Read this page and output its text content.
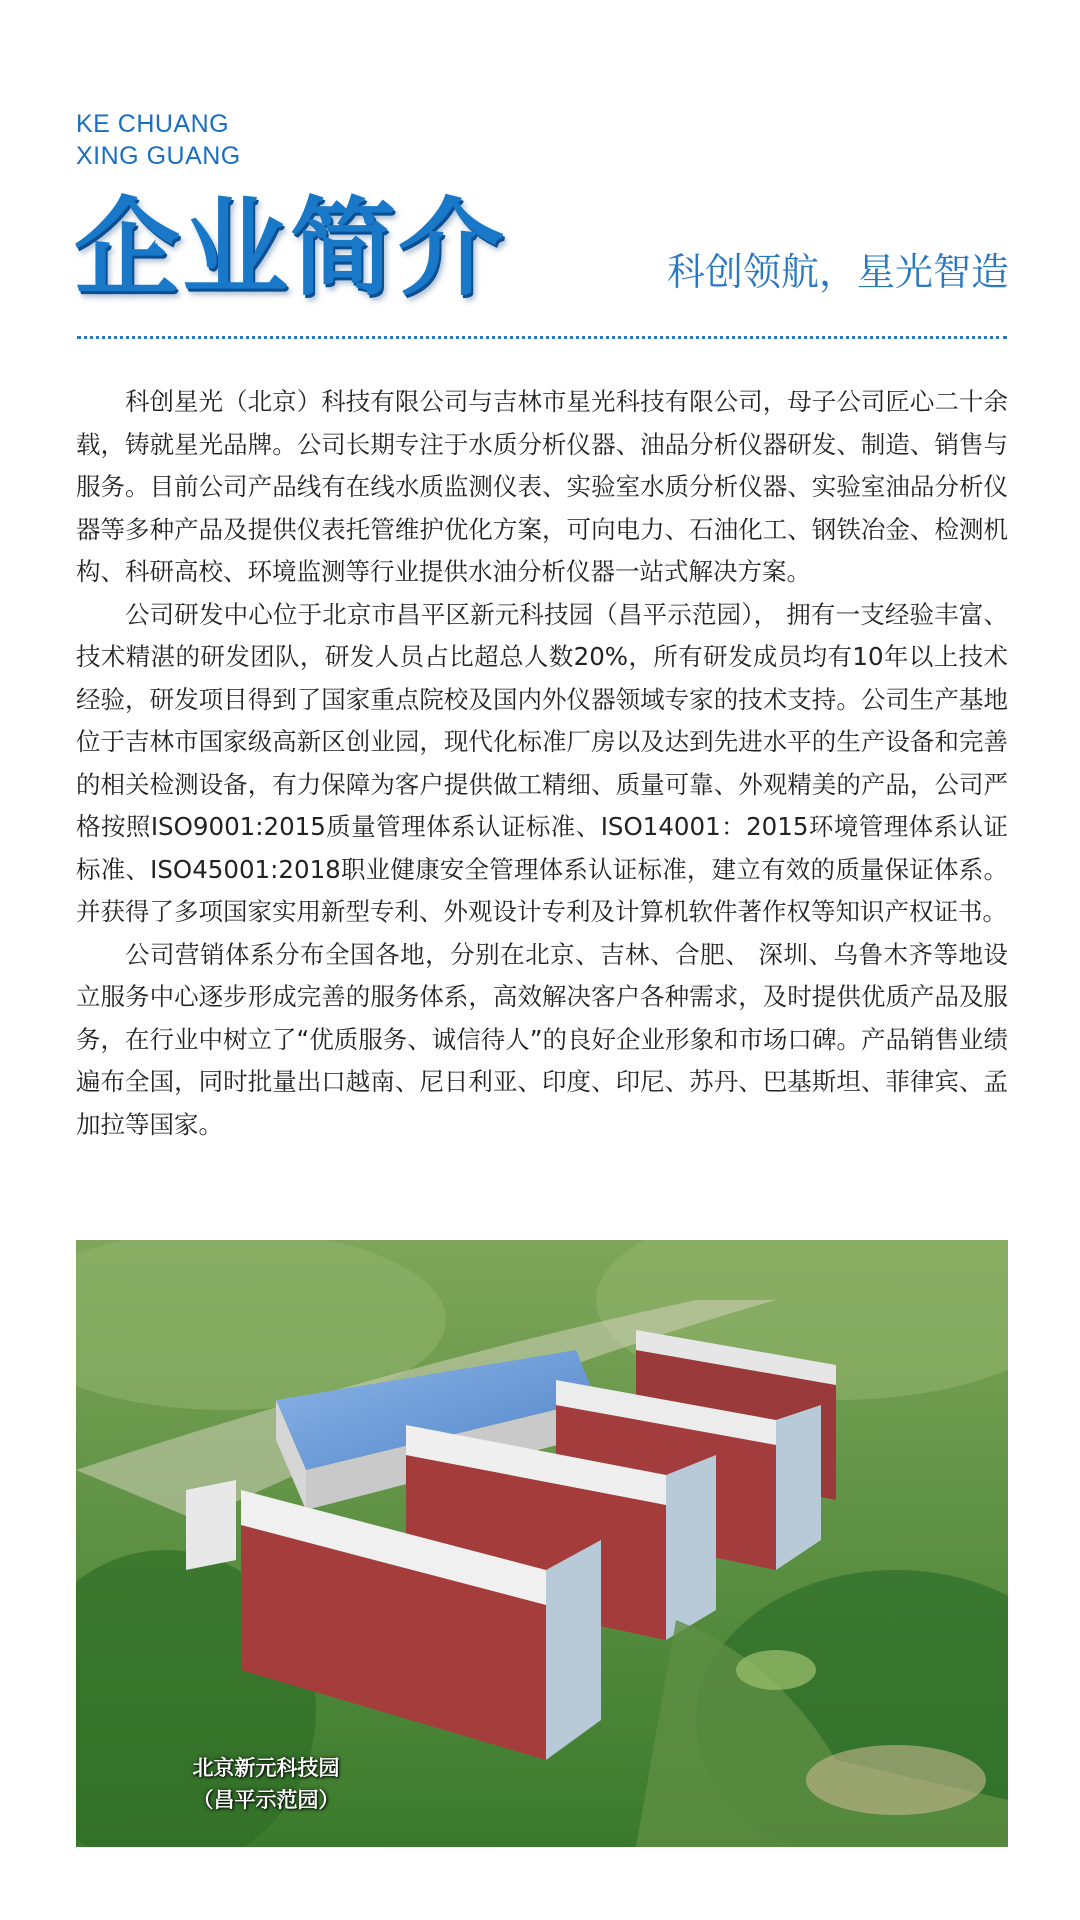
KE CHUANG
XING GUANG
企业简介	科创领航，星光智造

科创星光（北京）科技有限公司与吉林市星光科技有限公司，母子公司匠心二十余载，铸就星光品牌。公司长期专注于水质分析仪器、油品分析仪器研发、制造、销售与服务。目前公司产品线有在线水质监测仪表、实验室水质分析仪器、实验室油品分析仪器等多种产品及提供仪表托管维护优化方案，可向电力、石油化工、钢铁冶金、检测机构、科研高校、环境监测等行业提供水油分析仪器一站式解决方案。

公司研发中心位于北京市昌平区新元科技园（昌平示范园）， 拥有一支经验丰富、技术精湛的研发团队，研发人员占比超总人数20%，所有研发成员均有10年以上技术经验，研发项目得到了国家重点院校及国内外仪器领域专家的技术支持。公司生产基地位于吉林市国家级高新区创业园，现代化标准厂房以及达到先进水平的生产设备和完善的相关检测设备，有力保障为客户提供做工精细、质量可靠、外观精美的产品，公司严格按照ISO9001:2015质量管理体系认证标准、ISO14001：2015环境管理体系认证标准、ISO45001:2018职业健康安全管理体系认证标准，建立有效的质量保证体系。并获得了多项国家实用新型专利、外观设计专利及计算机软件著作权等知识产权证书。

公司营销体系分布全国各地，分别在北京、吉林、合肥、 深圳、乌鲁木齐等地设立服务中心逐步形成完善的服务体系，高效解决客户各种需求，及时提供优质产品及服务，在行业中树立了“优质服务、诚信待人”的良好企业形象和市场口碑。产品销售业绩遍布全国，同时批量出口越南、尼日利亚、印度、印尼、苏丹、巴基斯坦、菲律宾、孟加拉等国家。

北京新元科技园
（昌平示范园）
